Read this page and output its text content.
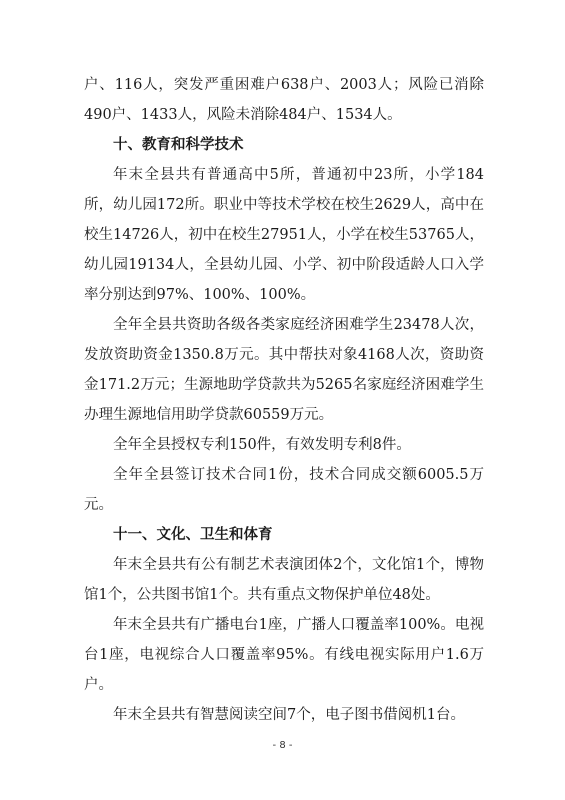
户、116人，突发严重困难户638户、2003人；风险已消除490户、1433人，风险未消除484户、1534人。

十、教育和科学技术

年末全县共有普通高中5所，普通初中23所，小学184所，幼儿园172所。职业中等技术学校在校生2629人，高中在校生14726人，初中在校生27951人，小学在校生53765人，幼儿园19134人，全县幼儿园、小学、初中阶段适龄人口入学率分别达到97%、100%、100%。

全年全县共资助各级各类家庭经济困难学生23478人次，发放资助资金1350.8万元。其中帮扶对象4168人次，资助资金171.2万元；生源地助学贷款共为5265名家庭经济困难学生办理生源地信用助学贷款60559万元。

全年全县授权专利150件，有效发明专利8件。

全年全县签订技术合同1份，技术合同成交额6005.5万元。

十一、文化、卫生和体育

年末全县共有公有制艺术表演团体2个，文化馆1个，博物馆1个，公共图书馆1个。共有重点文物保护单位48处。

年末全县共有广播电台1座，广播人口覆盖率100%。电视台1座，电视综合人口覆盖率95%。有线电视实际用户1.6万户。

年末全县共有智慧阅读空间7个，电子图书借阅机1台。

- 8 -
